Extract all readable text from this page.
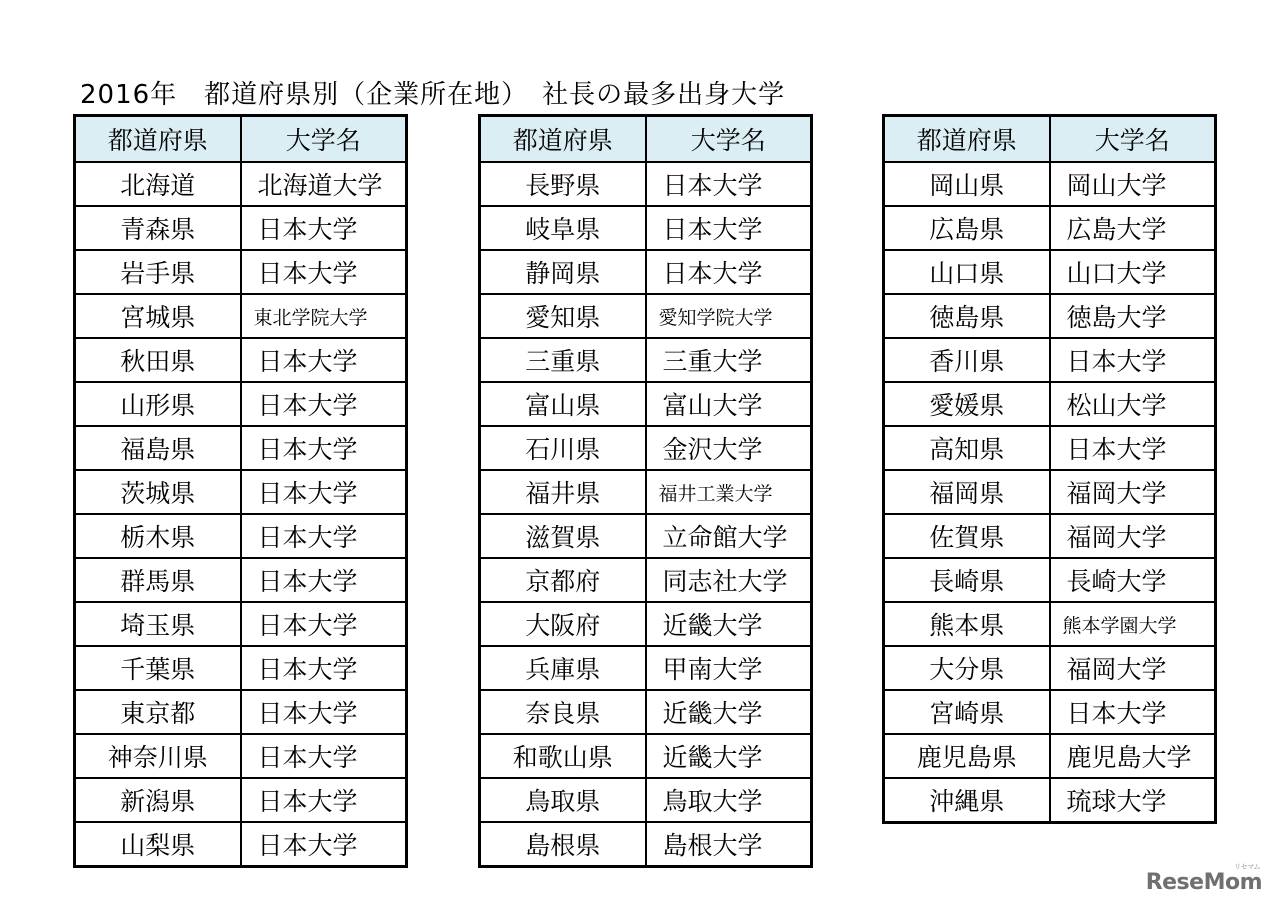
2016年　都道府県別（企業所在地）　社長の最多出身大学
都道府県	大学名
北海道	北海道大学
青森県	日本大学
岩手県	日本大学
宮城県	東北学院大学
秋田県	日本大学
山形県	日本大学
福島県	日本大学
茨城県	日本大学
栃木県	日本大学
群馬県	日本大学
埼玉県	日本大学
千葉県	日本大学
東京都	日本大学
神奈川県	日本大学
新潟県	日本大学
山梨県	日本大学
都道府県	大学名
長野県	日本大学
岐阜県	日本大学
静岡県	日本大学
愛知県	愛知学院大学
三重県	三重大学
富山県	富山大学
石川県	金沢大学
福井県	福井工業大学
滋賀県	立命館大学
京都府	同志社大学
大阪府	近畿大学
兵庫県	甲南大学
奈良県	近畿大学
和歌山県	近畿大学
鳥取県	鳥取大学
島根県	島根大学
都道府県	大学名
岡山県	岡山大学
広島県	広島大学
山口県	山口大学
徳島県	徳島大学
香川県	日本大学
愛媛県	松山大学
高知県	日本大学
福岡県	福岡大学
佐賀県	福岡大学
長崎県	長崎大学
熊本県	熊本学園大学
大分県	福岡大学
宮崎県	日本大学
鹿児島県	鹿児島大学
沖縄県	琉球大学
ReseMom
リセマム
